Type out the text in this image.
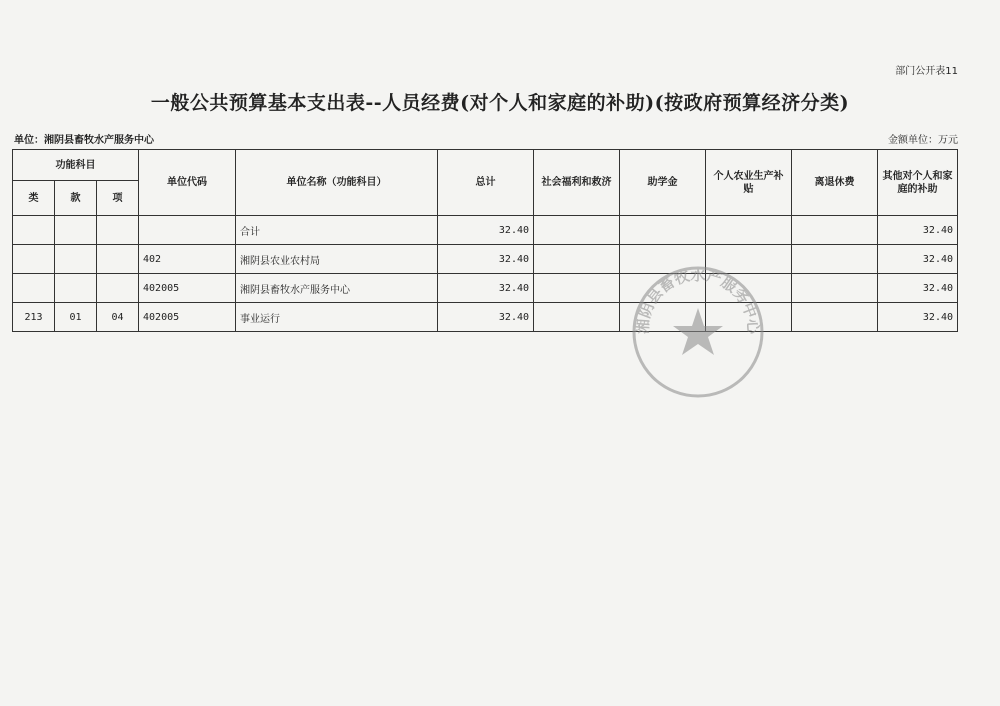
部门公开表11
一般公共预算基本支出表--人员经费(对个人和家庭的补助)(按政府预算经济分类)
单位：湘阴县畜牧水产服务中心	金额单位：万元
功能科目			单位代码	单位名称（功能科目）	总计	社会福利和救济	助学金	个人农业生产补贴	离退休费	其他对个人和家庭的补助
类	款	项								
				合计	32.40					32.40
			402	湘阴县农业农村局	32.40					32.40
			402005	湘阴县畜牧水产服务中心	32.40					32.40
213	01	04	402005	事业运行	32.40					32.40
湘阴县畜牧水产服务中心
